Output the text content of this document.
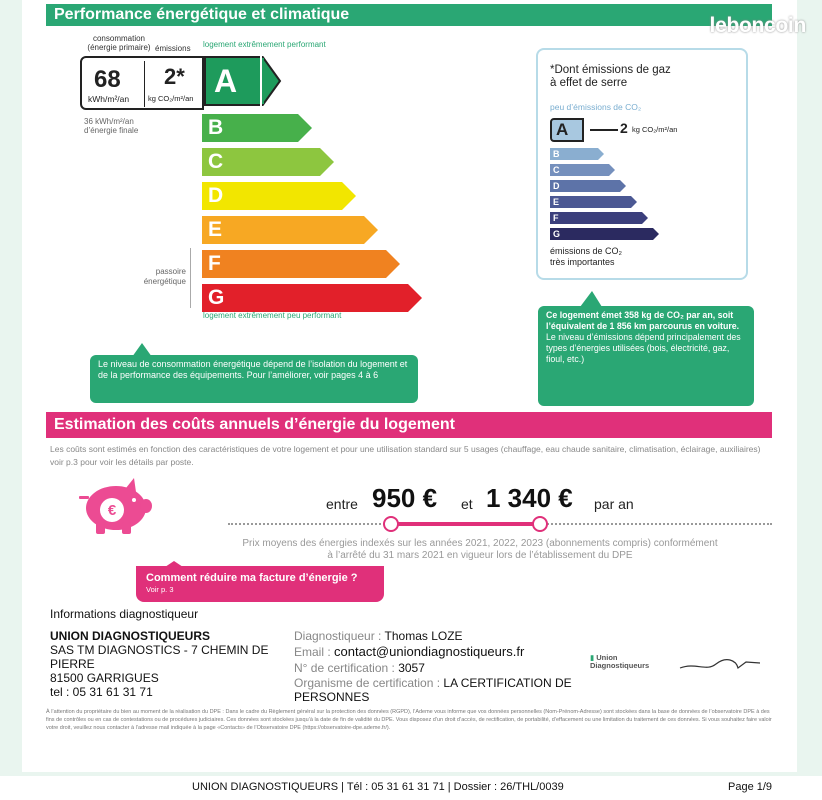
Performance énergétique et climatique	leboncoin
consommation
(énergie primaire) émissions logement extrêmement performant
68
kWh/m²/an
2*
kg CO₂/m²/an A
36 kWh/m²/an
d’énergie finale	B
C
D
E
F
G
passoire
énergétique
logement extrêmement peu performant
*Dont émissions de gaz
à effet de serre
peu d’émissions de CO₂
A	2 kg CO₂/m²/an
B
C
D
E
F
G
émissions de CO₂
très importantes
Le niveau de consommation énergétique dépend de l’isolation du logement et de la performance des équipements. Pour l’améliorer, voir pages 4 à 6
Ce logement émet 358 kg de CO₂ par an, soit l’équivalent de 1 856 km parcourus en voiture.
Le niveau d’émissions dépend principalement des types d’énergies utilisées (bois, électricité, gaz, fioul, etc.)
Estimation des coûts annuels d’énergie du logement
Les coûts sont estimés en fonction des caractéristiques de votre logement et pour une utilisation standard sur 5 usages (chauffage, eau chaude sanitaire, climatisation, éclairage, auxiliaires) voir p.3 pour voir les détails par poste.
€	entre 950 € et 1 340 € par an
Prix moyens des énergies indexés sur les années 2021, 2022, 2023 (abonnements compris) conformément
à l’arrêté du 31 mars 2021 en vigueur lors de l’établissement du DPE
Comment réduire ma facture d’énergie ?
Voir p. 3
Informations diagnostiqueur
UNION DIAGNOSTIQUEURS
SAS TM DIAGNOSTICS - 7 CHEMIN DE
PIERRE
81500 GARRIGUES
tel : 05 31 61 31 71
Diagnostiqueur : Thomas LOZE
Email : contact@uniondiagnostiqueurs.fr
N° de certification : 3057
Organisme de certification : LA CERTIFICATION DE
PERSONNES
▮ Union Diagnostiqueurs
À l’attention du propriétaire du bien au moment de la réalisation du DPE : Dans le cadre du Règlement général sur la protection des données (RGPD), l’Ademe vous informe que vos données personnelles (Nom-Prénom-Adresse) sont stockées dans la base de données de l’observatoire DPE à des fins de contrôles ou en cas de contestations ou de procédures judiciaires. Ces données sont stockées jusqu’à la date de fin de validité du DPE. Vous disposez d’un droit d’accès, de rectification, de portabilité, d’effacement ou une limitation du traitement de ces données. Si vous souhaitez faire valoir votre droit, veuillez nous contacter à l’adresse mail indiquée à la page «Contacts» de l’Observatoire DPE (https://observatoire-dpe.ademe.fr/).
UNION DIAGNOSTIQUEURS | Tél : 05 31 61 31 71 | Dossier : 26/THL/0039	Page 1/9
